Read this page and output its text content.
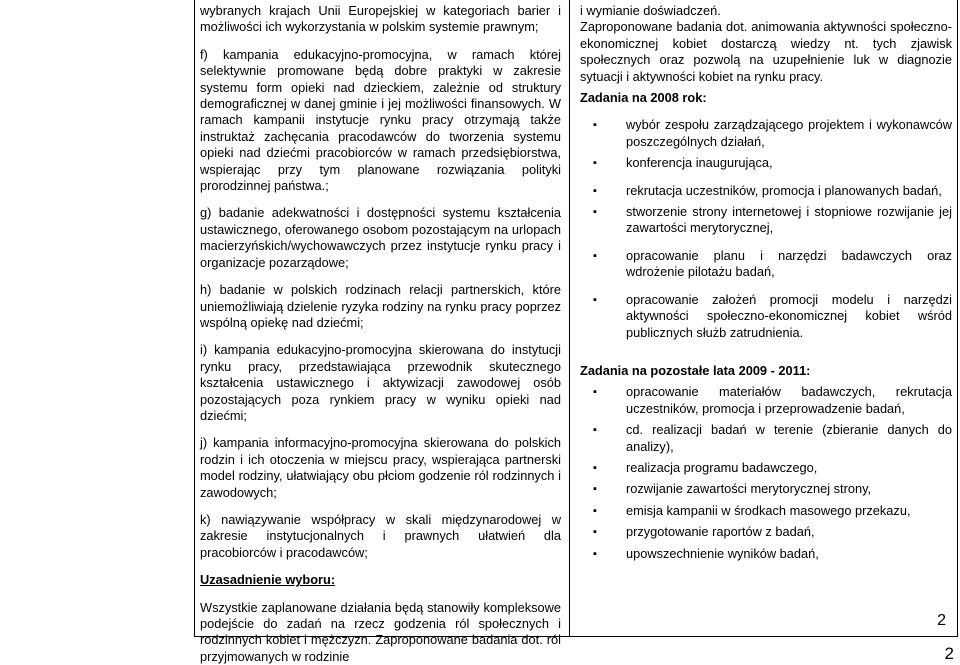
wybranych krajach Unii Europejskiej w kategoriach barier i możliwości ich wykorzystania w polskim systemie prawnym;

f) kampania edukacyjno-promocyjna, w ramach której selektywnie promowane będą dobre praktyki w zakresie systemu form opieki nad dzieckiem, zależnie od struktury demograficznej w danej gminie i jej możliwości finansowych. W ramach kampanii instytucje rynku pracy otrzymają także instruktaż zachęcania pracodawców do tworzenia systemu opieki nad dziećmi pracobiorców w ramach przedsiębiorstwa, wspierając przy tym planowane rozwiązania polityki prorodzinnej państwa.;

g) badanie adekwatności i dostępności systemu kształcenia ustawicznego, oferowanego osobom pozostającym na urlopach macierzyńskich/wychowawczych przez instytucje rynku pracy i organizacje pozarządowe;

h) badanie w polskich rodzinach relacji partnerskich, które uniemożliwiają dzielenie ryzyka rodziny na rynku pracy poprzez wspólną opiekę nad dziećmi;

i) kampania edukacyjno-promocyjna skierowana do instytucji rynku pracy, przedstawiająca przewodnik skutecznego kształcenia ustawicznego i aktywizacji zawodowej osób pozostających poza rynkiem pracy w wyniku opieki nad dziećmi;

j) kampania informacyjno-promocyjna skierowana do polskich rodzin i ich otoczenia w miejscu pracy, wspierająca partnerski model rodziny, ułatwiający obu płciom godzenie ról rodzinnych i zawodowych;

k) nawiązywanie współpracy w skali międzynarodowej w zakresie instytucjonalnych i prawnych ułatwień dla pracobiorców i pracodawców;

Uzasadnienie wyboru:

Wszystkie zaplanowane działania będą stanowiły kompleksowe podejście do zadań na rzecz godzenia ról społecznych i rodzinnych kobiet i mężczyzn. Zaproponowane badania dot. ról przyjmowanych w rodzinie

i wymianie doświadczeń.

Zaproponowane badania dot. animowania aktywności społeczno-ekonomicznej kobiet dostarczą wiedzy nt. tych zjawisk społecznych oraz pozwolą na uzupełnienie luk w diagnozie sytuacji i aktywności kobiet na rynku pracy.

Zadania na 2008 rok:

▪ wybór zespołu zarządzającego projektem i wykonawców poszczególnych działań,
▪ konferencja inaugurująca,
▪ rekrutacja uczestników, promocja i planowanych badań,
▪ stworzenie strony internetowej i stopniowe rozwijanie jej zawartości merytorycznej,
▪ opracowanie planu i narzędzi badawczych oraz wdrożenie pilotażu badań,
▪ opracowanie założeń promocji modelu i narzędzi aktywności społeczno-ekonomicznej kobiet wśród publicznych służb zatrudnienia.

Zadania na pozostałe lata 2009 - 2011:

▪ opracowanie materiałów badawczych, rekrutacja uczestników, promocja i przeprowadzenie badań,
▪ cd. realizacji badań w terenie (zbieranie danych do analizy),
▪ realizacja programu badawczego,
▪ rozwijanie zawartości merytorycznej strony,
▪ emisja kampanii w środkach masowego przekazu,
▪ przygotowanie raportów z badań,
▪ upowszechnienie wyników badań,
2
2
